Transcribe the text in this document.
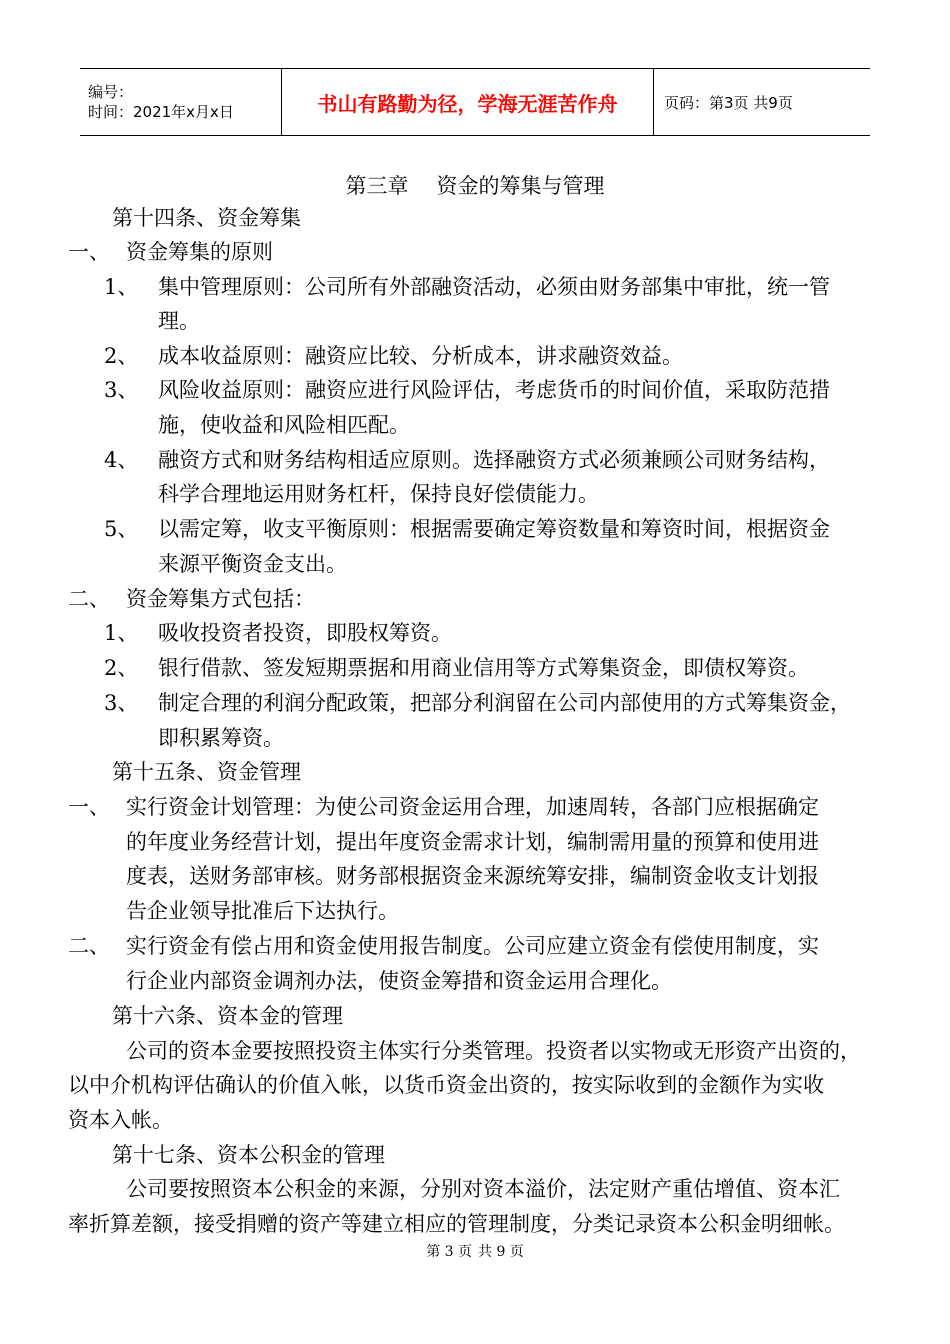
编号：
时间：2021年x月x日	书山有路勤为径，学海无涯苦作舟	页码：第3页 共9页
第三章 资金的筹集与管理
第十四条、资金筹集
一、 资金筹集的原则
1、 集中管理原则：公司所有外部融资活动，必须由财务部集中审批，统一管
理。
2、 成本收益原则：融资应比较、分析成本，讲求融资效益。
3、 风险收益原则：融资应进行风险评估，考虑货币的时间价值，采取防范措
施，使收益和风险相匹配。
4、 融资方式和财务结构相适应原则。选择融资方式必须兼顾公司财务结构，
科学合理地运用财务杠杆，保持良好偿债能力。
5、 以需定筹，收支平衡原则：根据需要确定筹资数量和筹资时间，根据资金
来源平衡资金支出。
二、 资金筹集方式包括：
1、 吸收投资者投资，即股权筹资。
2、 银行借款、签发短期票据和用商业信用等方式筹集资金，即债权筹资。
3、 制定合理的利润分配政策，把部分利润留在公司内部使用的方式筹集资金，
即积累筹资。
第十五条、资金管理
一、 实行资金计划管理：为使公司资金运用合理，加速周转，各部门应根据确定
的年度业务经营计划，提出年度资金需求计划，编制需用量的预算和使用进
度表，送财务部审核。财务部根据资金来源统筹安排，编制资金收支计划报
告企业领导批准后下达执行。
二、 实行资金有偿占用和资金使用报告制度。公司应建立资金有偿使用制度，实
行企业内部资金调剂办法，使资金筹措和资金运用合理化。
第十六条、资本金的管理
公司的资本金要按照投资主体实行分类管理。投资者以实物或无形资产出资的，
以中介机构评估确认的价值入帐，以货币资金出资的，按实际收到的金额作为实收
资本入帐。
第十七条、资本公积金的管理
公司要按照资本公积金的来源，分别对资本溢价，法定财产重估增值、资本汇
率折算差额，接受捐赠的资产等建立相应的管理制度，分类记录资本公积金明细帐。
第 3 页 共 9 页
